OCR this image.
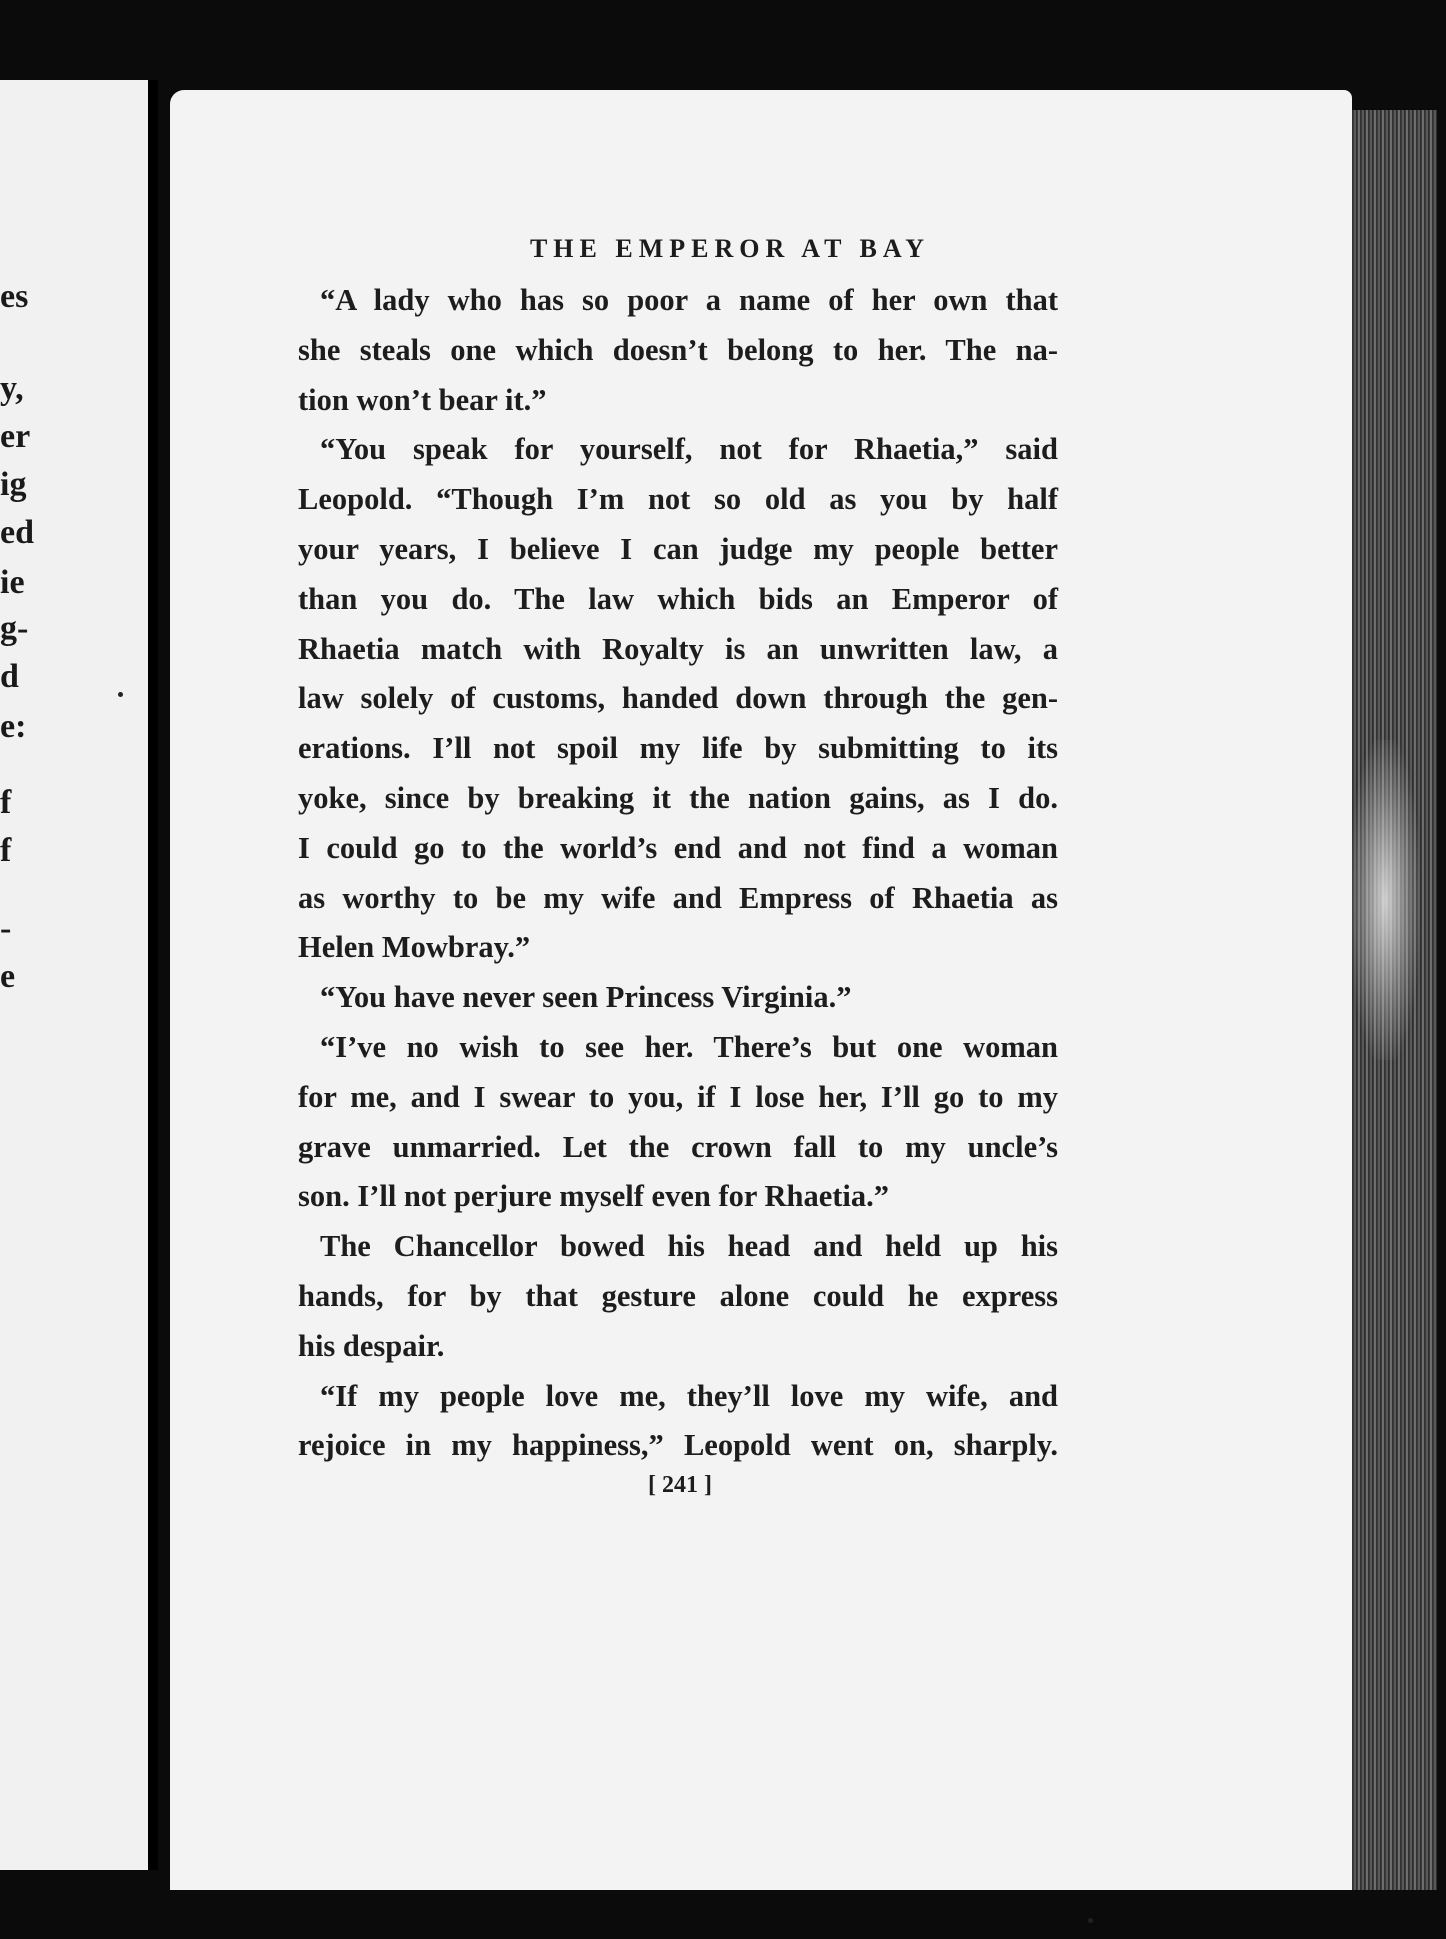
es
y,
er
ig
ed
ie
g-
d
e:
f
f
-
e
THE EMPEROR AT BAY
“A lady who has so poor a name of her own that
she steals one which doesn’t belong to her. The na-
tion won’t bear it.”
“You speak for yourself, not for Rhaetia,” said
Leopold. “Though I’m not so old as you by half
your years, I believe I can judge my people better
than you do. The law which bids an Emperor of
Rhaetia match with Royalty is an unwritten law, a
law solely of customs, handed down through the gen-
erations. I’ll not spoil my life by submitting to its
yoke, since by breaking it the nation gains, as I do.
I could go to the world’s end and not find a woman
as worthy to be my wife and Empress of Rhaetia as
Helen Mowbray.”
“You have never seen Princess Virginia.”
“I’ve no wish to see her. There’s but one woman
for me, and I swear to you, if I lose her, I’ll go to my
grave unmarried. Let the crown fall to my uncle’s
son. I’ll not perjure myself even for Rhaetia.”
The Chancellor bowed his head and held up his
hands, for by that gesture alone could he express
his despair.
“If my people love me, they’ll love my wife, and
rejoice in my happiness,” Leopold went on, sharply.
[ 241 ]
